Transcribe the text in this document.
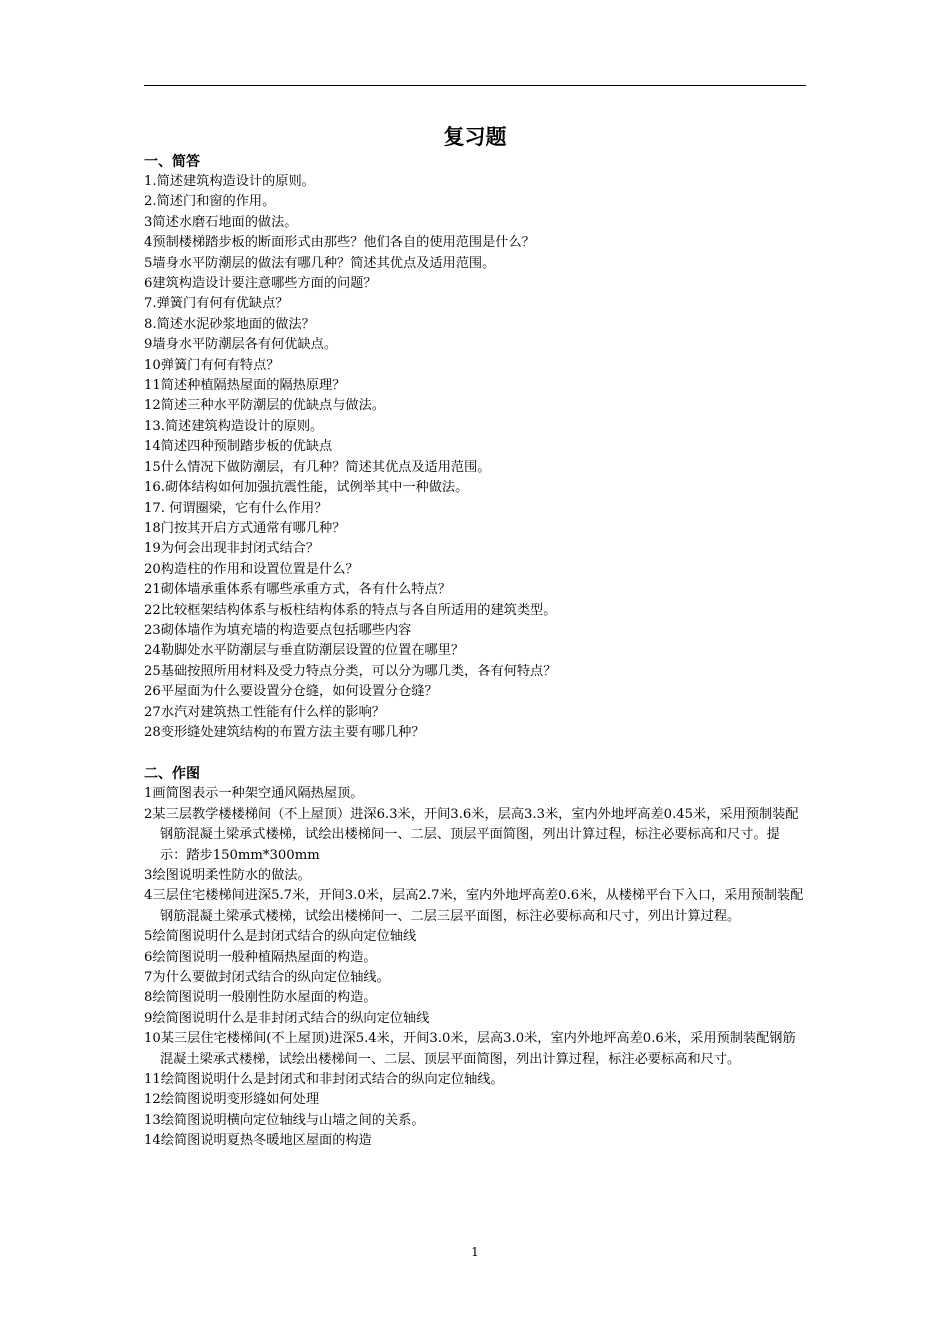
复习题
一、简答
1.简述建筑构造设计的原则。
2.简述门和窗的作用。
3简述水磨石地面的做法。
4预制楼梯踏步板的断面形式由那些？他们各自的使用范围是什么？
5墙身水平防潮层的做法有哪几种？简述其优点及适用范围。
6建筑构造设计要注意哪些方面的问题？
7.弹簧门有何有优缺点？
8.简述水泥砂浆地面的做法？
9墙身水平防潮层各有何优缺点。
10弹簧门有何有特点？
11简述种植隔热屋面的隔热原理？
12简述三种水平防潮层的优缺点与做法。
13.简述建筑构造设计的原则。
14简述四种预制踏步板的优缺点
15什么情况下做防潮层，有几种？简述其优点及适用范围。
16.砌体结构如何加强抗震性能，试例举其中一种做法。
17. 何谓圈梁，它有什么作用？
18门按其开启方式通常有哪几种？
19为何会出现非封闭式结合？
20构造柱的作用和设置位置是什么？
21砌体墙承重体系有哪些承重方式，各有什么特点？
22比较框架结构体系与板柱结构体系的特点与各自所适用的建筑类型。
23砌体墙作为填充墙的构造要点包括哪些内容
24勒脚处水平防潮层与垂直防潮层设置的位置在哪里？
25基础按照所用材料及受力特点分类，可以分为哪几类，各有何特点？
26平屋面为什么要设置分仓缝，如何设置分仓缝？
27水汽对建筑热工性能有什么样的影响？
28变形缝处建筑结构的布置方法主要有哪几种？
二、作图
1画简图表示一种架空通风隔热屋顶。
2某三层教学楼楼梯间（不上屋顶）进深6.3米，开间3.6米，层高3.3米，室内外地坪高差0.45米，采用预制装配钢筋混凝土梁承式楼梯，试绘出楼梯间一、二层、顶层平面简图，列出计算过程，标注必要标高和尺寸。提示：踏步150mm*300mm
3绘图说明柔性防水的做法。
4三层住宅楼梯间进深5.7米，开间3.0米，层高2.7米，室内外地坪高差0.6米，从楼梯平台下入口，采用预制装配钢筋混凝土梁承式楼梯，试绘出楼梯间一、二层三层平面图，标注必要标高和尺寸，列出计算过程。
5绘简图说明什么是封闭式结合的纵向定位轴线
6绘简图说明一般种植隔热屋面的构造。
7为什么要做封闭式结合的纵向定位轴线。
8绘简图说明一般刚性防水屋面的构造。
9绘简图说明什么是非封闭式结合的纵向定位轴线
10某三层住宅楼梯间(不上屋顶)进深5.4米，开间3.0米，层高3.0米，室内外地坪高差0.6米，采用预制装配钢筋混凝土梁承式楼梯，试绘出楼梯间一、二层、顶层平面简图，列出计算过程，标注必要标高和尺寸。
11绘简图说明什么是封闭式和非封闭式结合的纵向定位轴线。
12绘简图说明变形缝如何处理
13绘简图说明横向定位轴线与山墙之间的关系。
14绘简图说明夏热冬暖地区屋面的构造
1
